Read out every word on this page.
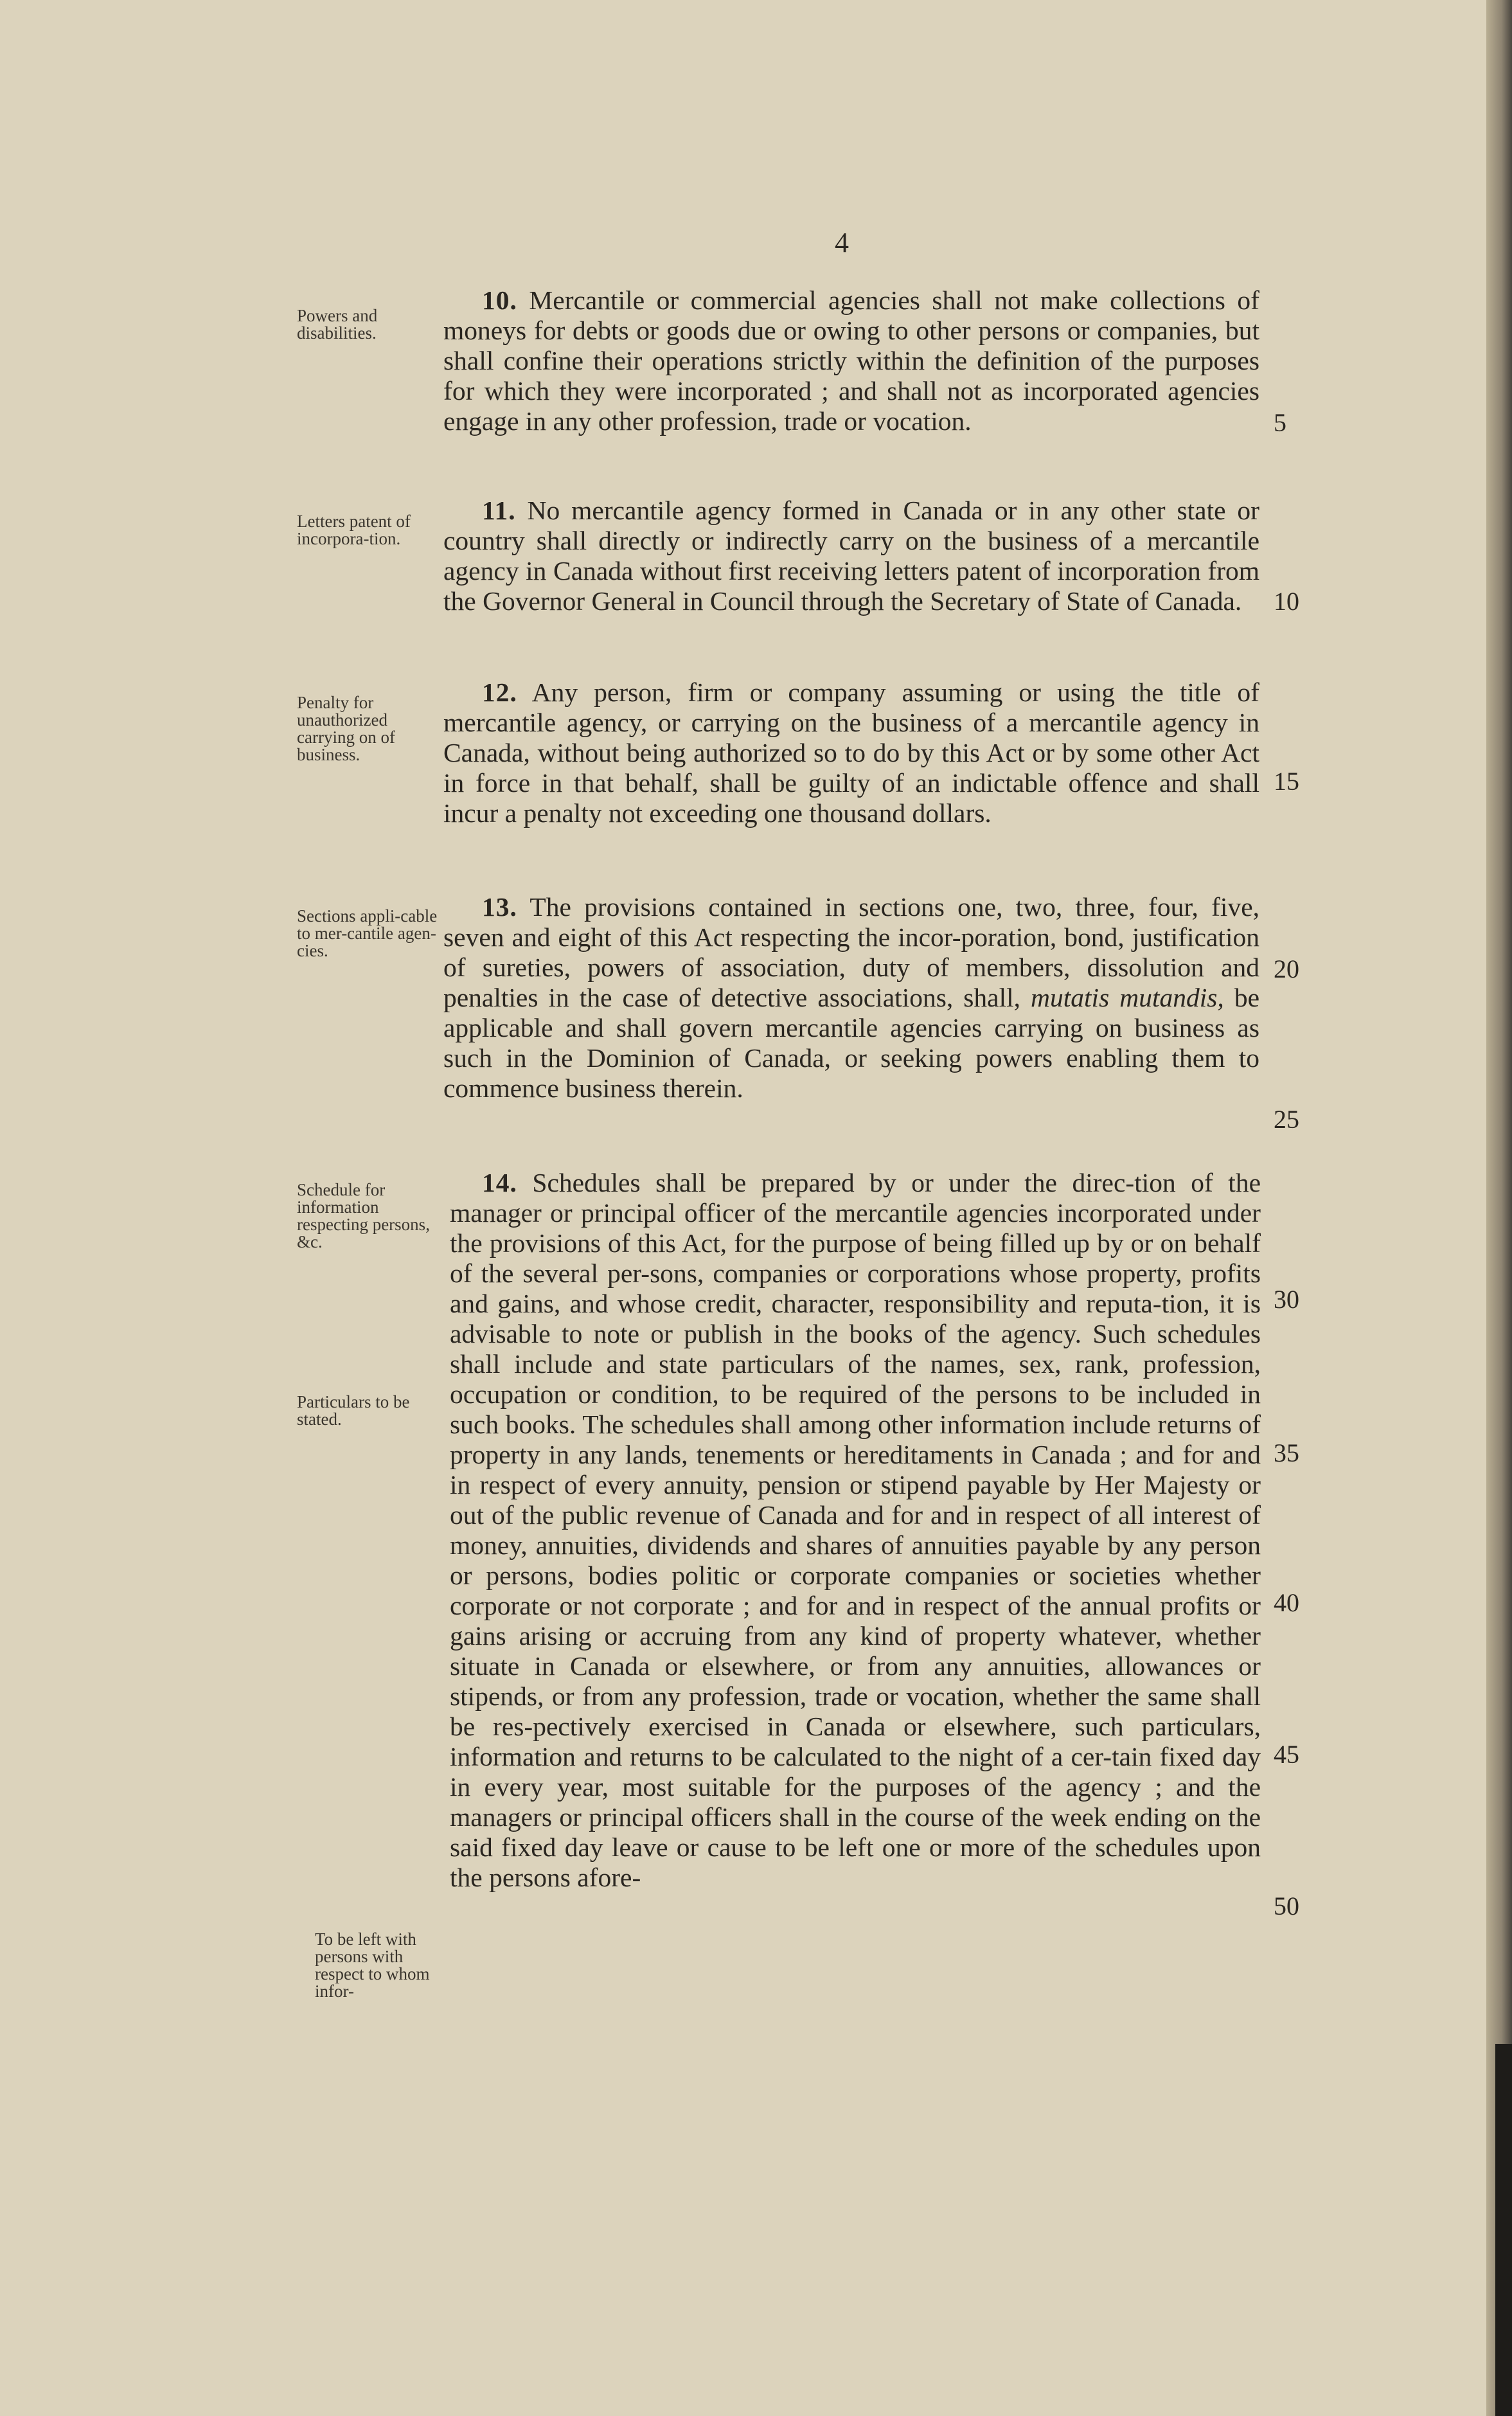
4
Powers and disabilities.

10. Mercantile or commercial agencies shall not make collections of moneys for debts or goods due or owing to other persons or companies, but shall confine their operations strictly within the definition of the purposes for which they were incorporated ; and shall not as incorporated agencies engage in any other profession, trade or vocation.	5
Letters patent of incorpora-tion.

11. No mercantile agency formed in Canada or in any other state or country shall directly or indirectly carry on the business of a mercantile agency in Canada without first receiving letters patent of incorporation from the Governor General in Council through the Secretary of State of Canada.	10
Penalty for unauthorized carrying on of business.

12. Any person, firm or company assuming or using the title of mercantile agency, or carrying on the business of a mercantile agency in Canada, without being authorized so to do by this Act or by some other Act in force in that behalf, shall be guilty of an indictable offence and shall incur a penalty not exceeding one thousand dollars.

15
Sections appli-cable to mer-cantile agen-cies.

13. The provisions contained in sections one, two, three, four, five, seven and eight of this Act respecting the incor-poration, bond, justification of sureties, powers of association, duty of members, dissolution and penalties in the case of detective associations, shall, mutatis mutandis, be applicable and shall govern mercantile agencies carrying on business as such in the Dominion of Canada, or seeking powers enabling them to commence business therein.

20
25
Schedule for information respecting persons, &c.
Particulars to be stated.
To be left with persons with respect to whom infor-

14. Schedules shall be prepared by or under the direc-tion of the manager or principal officer of the mercantile agencies incorporated under the provisions of this Act, for the purpose of being filled up by or on behalf of the several per-sons, companies or corporations whose property, profits and gains, and whose credit, character, responsibility and reputa-tion, it is advisable to note or publish in the books of the agency. Such schedules shall include and state particulars of the names, sex, rank, profession, occupation or condition, to be required of the persons to be included in such books. The schedules shall among other information include returns of property in any lands, tenements or hereditaments in Canada ; and for and in respect of every annuity, pension or stipend payable by Her Majesty or out of the public revenue of Canada and for and in respect of all interest of money, annuities, dividends and shares of annuities payable by any person or persons, bodies politic or corporate companies or societies whether corporate or not corporate ; and for and in respect of the annual profits or gains arising or accruing from any kind of property whatever, whether situate in Canada or elsewhere, or from any annuities, allowances or stipends, or from any profession, trade or vocation, whether the same shall be res-pectively exercised in Canada or elsewhere, such particulars, information and returns to be calculated to the night of a cer-tain fixed day in every year, most suitable for the purposes of the agency ; and the managers or principal officers shall in the course of the week ending on the said fixed day leave or cause to be left one or more of the schedules upon the persons afore-

30
35
40
45
50
